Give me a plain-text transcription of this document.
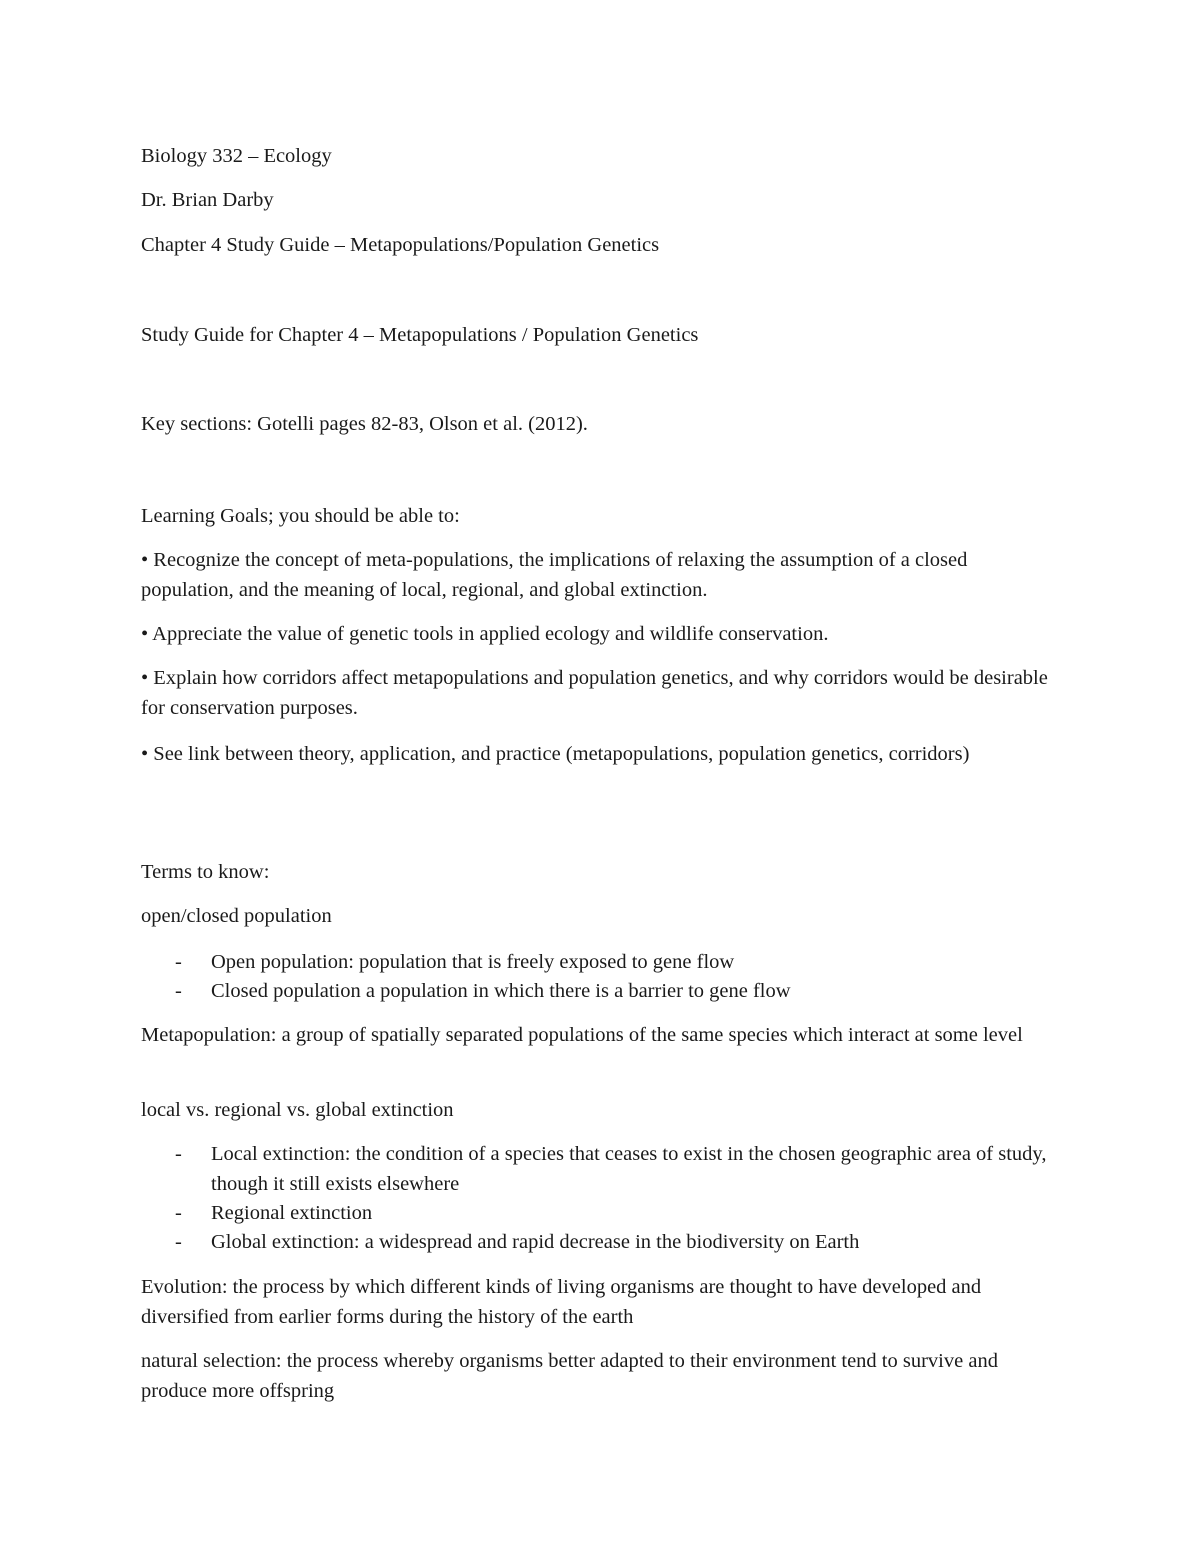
Biology 332 – Ecology
Dr. Brian Darby
Chapter 4 Study Guide – Metapopulations/Population Genetics
Study Guide for Chapter 4 – Metapopulations / Population Genetics
Key sections: Gotelli pages 82-83, Olson et al. (2012).
Learning Goals; you should be able to:
• Recognize the concept of meta-populations, the implications of relaxing the assumption of a closed population, and the meaning of local, regional, and global extinction.
• Appreciate the value of genetic tools in applied ecology and wildlife conservation.
• Explain how corridors affect metapopulations and population genetics, and why corridors would be desirable for conservation purposes.
• See link between theory, application, and practice (metapopulations, population genetics, corridors)
Terms to know:
open/closed population
- Open population: population that is freely exposed to gene flow
- Closed population a population in which there is a barrier to gene flow
Metapopulation: a group of spatially separated populations of the same species which interact at some level
local vs. regional vs. global extinction
- Local extinction: the condition of a species that ceases to exist in the chosen geographic area of study, though it still exists elsewhere
- Regional extinction
- Global extinction: a widespread and rapid decrease in the biodiversity on Earth
Evolution: the process by which different kinds of living organisms are thought to have developed and diversified from earlier forms during the history of the earth
natural selection: the process whereby organisms better adapted to their environment tend to survive and produce more offspring
